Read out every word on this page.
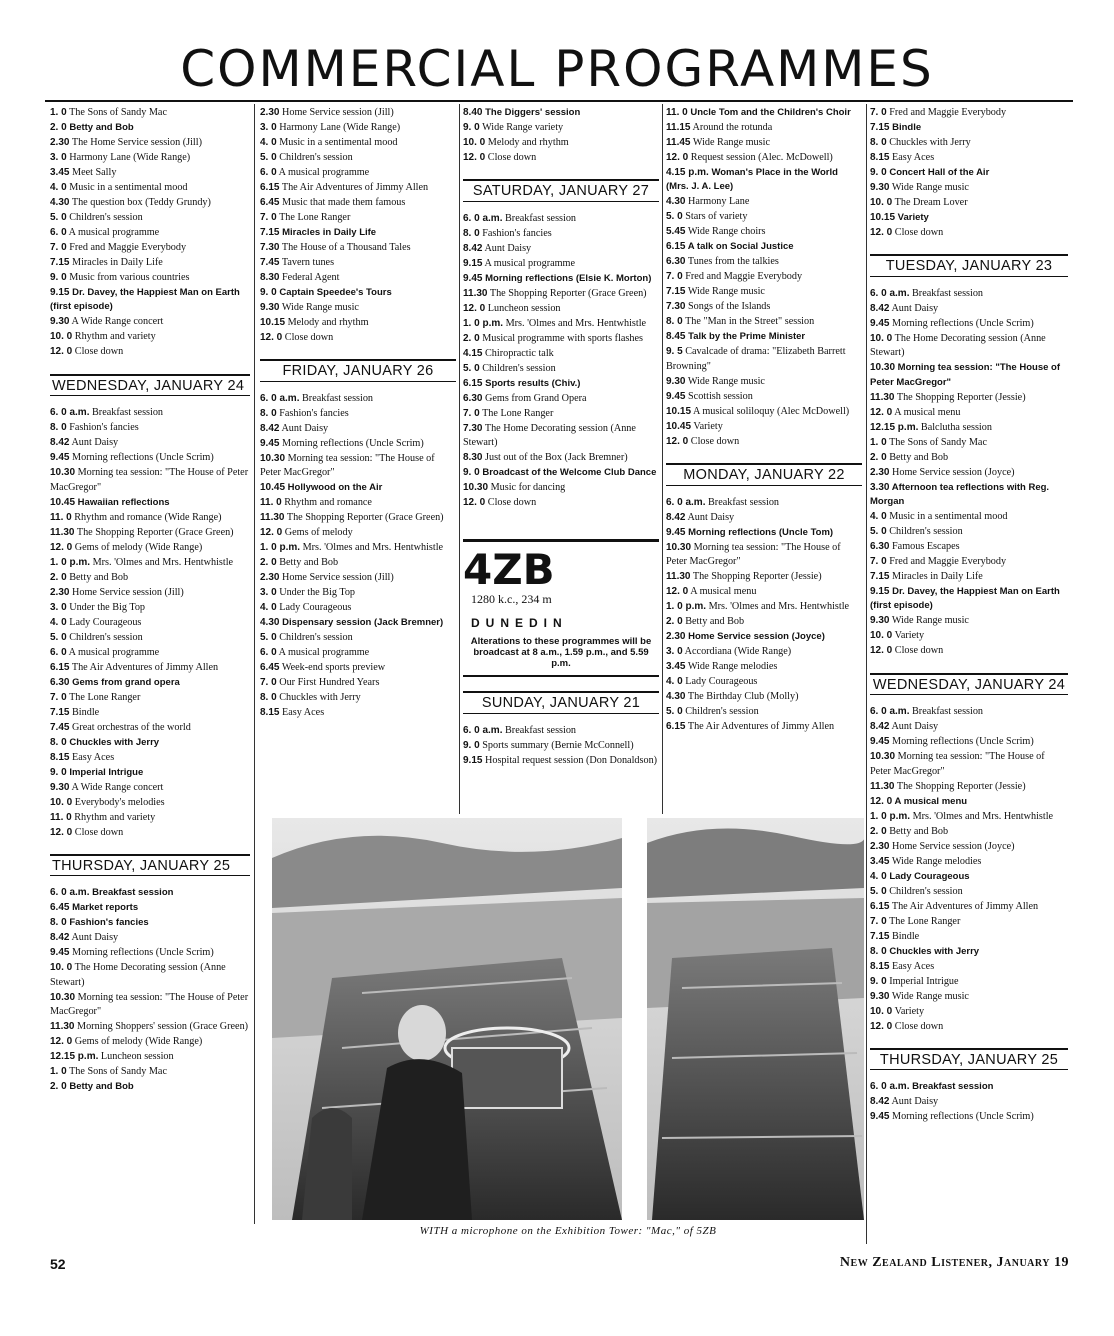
COMMERCIAL PROGRAMMES
1. 0 The Sons of Sandy Mac
2. 0 Betty and Bob
2.30 The Home Service session (Jill)
3. 0 Harmony Lane (Wide Range)
3.45 Meet Sally
4. 0 Music in a sentimental mood
4.30 The question box (Teddy Grundy)
5. 0 Children's session
6. 0 A musical programme
7. 0 Fred and Maggie Everybody
7.15 Miracles in Daily Life
9. 0 Music from various countries
9.15 Dr. Davey, the Happiest Man on Earth (first episode)
9.30 A Wide Range concert
10. 0 Rhythm and variety
12. 0 Close down
WEDNESDAY, JANUARY 24
6. 0 a.m. Breakfast session
8. 0 Fashion's fancies
8.42 Aunt Daisy
9.45 Morning reflections (Uncle Scrim)
10.30 Morning tea session: "The House of Peter MacGregor"
10.45 Hawaiian reflections
11. 0 Rhythm and romance (Wide Range)
11.30 The Shopping Reporter (Grace Green)
12. 0 Gems of melody (Wide Range)
1. 0 p.m. Mrs. 'Olmes and Mrs. Hentwhistle
2. 0 Betty and Bob
2.30 Home Service session (Jill)
3. 0 Under the Big Top
4. 0 Lady Courageous
5. 0 Children's session
6. 0 A musical programme
6.15 The Air Adventures of Jimmy Allen
6.30 Gems from grand opera
7. 0 The Lone Ranger
7.15 Bindle
7.45 Great orchestras of the world
8. 0 Chuckles with Jerry
8.15 Easy Aces
9. 0 Imperial Intrigue
9.30 A Wide Range concert
10. 0 Everybody's melodies
11. 0 Rhythm and variety
12. 0 Close down
THURSDAY, JANUARY 25
6. 0 a.m. Breakfast session
6.45 Market reports
8. 0 Fashion's fancies
8.42 Aunt Daisy
9.45 Morning reflections (Uncle Scrim)
10. 0 The Home Decorating session (Anne Stewart)
10.30 Morning tea session: "The House of Peter MacGregor"
11.30 Morning Shoppers' session (Grace Green)
12. 0 Gems of melody (Wide Range)
12.15 p.m. Luncheon session
1. 0 The Sons of Sandy Mac
2. 0 Betty and Bob
2.30 Home Service session (Jill)
3. 0 Harmony Lane (Wide Range)
4. 0 Music in a sentimental mood
5. 0 Children's session
6. 0 A musical programme
6.15 The Air Adventures of Jimmy Allen
6.45 Music that made them famous
7. 0 The Lone Ranger
7.15 Miracles in Daily Life
7.30 The House of a Thousand Tales
7.45 Tavern tunes
8.30 Federal Agent
9. 0 Captain Speedee's Tours
9.30 Wide Range music
10.15 Melody and rhythm
12. 0 Close down
FRIDAY, JANUARY 26
6. 0 a.m. Breakfast session
8. 0 Fashion's fancies
8.42 Aunt Daisy
9.45 Morning reflections (Uncle Scrim)
10.30 Morning tea session: "The House of Peter MacGregor"
10.45 Hollywood on the Air
11. 0 Rhythm and romance
11.30 The Shopping Reporter (Grace Green)
12. 0 Gems of melody
1. 0 p.m. Mrs. 'Olmes and Mrs. Hentwhistle
2. 0 Betty and Bob
2.30 Home Service session (Jill)
3. 0 Under the Big Top
4. 0 Lady Courageous
4.30 Dispensary session (Jack Bremner)
5. 0 Children's session
6. 0 A musical programme
6.45 Week-end sports preview
7. 0 Our First Hundred Years
8. 0 Chuckles with Jerry
8.15 Easy Aces
8.40 The Diggers' session
9. 0 Wide Range variety
10. 0 Melody and rhythm
12. 0 Close down
SATURDAY, JANUARY 27
6. 0 a.m. Breakfast session
8. 0 Fashion's fancies
8.42 Aunt Daisy
9.15 A musical programme
9.45 Morning reflections (Elsie K. Morton)
11.30 The Shopping Reporter (Grace Green)
12. 0 Luncheon session
1. 0 p.m. Mrs. 'Olmes and Mrs. Hentwhistle
2. 0 Musical programme with sports flashes
4.15 Chiropractic talk
5. 0 Children's session
6.15 Sports results (Chiv.)
6.30 Gems from Grand Opera
7. 0 The Lone Ranger
7.30 The Home Decorating session (Anne Stewart)
8.30 Just out of the Box (Jack Bremner)
9. 0 Broadcast of the Welcome Club Dance
10.30 Music for dancing
12. 0 Close down
4ZB1280 k.c., 234 m
DUNEDIN
Alterations to these programmes will be broadcast at 8 a.m., 1.59 p.m., and 5.59 p.m.
SUNDAY, JANUARY 21
6. 0 a.m. Breakfast session
9. 0 Sports summary (Bernie McConnell)
9.15 Hospital request session (Don Donaldson)
11. 0 Uncle Tom and the Children's Choir
11.15 Around the rotunda
11.45 Wide Range music
12. 0 Request session (Alec. McDowell)
4.15 p.m. Woman's Place in the World (Mrs. J. A. Lee)
4.30 Harmony Lane
5. 0 Stars of variety
5.45 Wide Range choirs
6.15 A talk on Social Justice
6.30 Tunes from the talkies
7. 0 Fred and Maggie Everybody
7.15 Wide Range music
7.30 Songs of the Islands
8. 0 The "Man in the Street" session
8.45 Talk by the Prime Minister
9. 5 Cavalcade of drama: "Elizabeth Barrett Browning"
9.30 Wide Range music
9.45 Scottish session
10.15 A musical soliloquy (Alec McDowell)
10.45 Variety
12. 0 Close down
MONDAY, JANUARY 22
6. 0 a.m. Breakfast session
8.42 Aunt Daisy
9.45 Morning reflections (Uncle Tom)
10.30 Morning tea session: "The House of Peter MacGregor"
11.30 The Shopping Reporter (Jessie)
12. 0 A musical menu
1. 0 p.m. Mrs. 'Olmes and Mrs. Hentwhistle
2. 0 Betty and Bob
2.30 Home Service session (Joyce)
3. 0 Accordiana (Wide Range)
3.45 Wide Range melodies
4. 0 Lady Courageous
4.30 The Birthday Club (Molly)
5. 0 Children's session
6.15 The Air Adventures of Jimmy Allen
7. 0 Fred and Maggie Everybody
7.15 Bindle
8. 0 Chuckles with Jerry
8.15 Easy Aces
9. 0 Concert Hall of the Air
9.30 Wide Range music
10. 0 The Dream Lover
10.15 Variety
12. 0 Close down
TUESDAY, JANUARY 23
6. 0 a.m. Breakfast session
8.42 Aunt Daisy
9.45 Morning reflections (Uncle Scrim)
10. 0 The Home Decorating session (Anne Stewart)
10.30 Morning tea session: "The House of Peter MacGregor"
11.30 The Shopping Reporter (Jessie)
12. 0 A musical menu
12.15 p.m. Balclutha session
1. 0 The Sons of Sandy Mac
2. 0 Betty and Bob
2.30 Home Service session (Joyce)
3.30 Afternoon tea reflections with Reg. Morgan
4. 0 Music in a sentimental mood
5. 0 Children's session
6.30 Famous Escapes
7. 0 Fred and Maggie Everybody
7.15 Miracles in Daily Life
9.15 Dr. Davey, the Happiest Man on Earth (first episode)
9.30 Wide Range music
10. 0 Variety
12. 0 Close down
WEDNESDAY, JANUARY 24
6. 0 a.m. Breakfast session
8.42 Aunt Daisy
9.45 Morning reflections (Uncle Scrim)
10.30 Morning tea session: "The House of Peter MacGregor"
11.30 The Shopping Reporter (Jessie)
12. 0 A musical menu
1. 0 p.m. Mrs. 'Olmes and Mrs. Hentwhistle
2. 0 Betty and Bob
2.30 Home Service session (Joyce)
3.45 Wide Range melodies
4. 0 Lady Courageous
5. 0 Children's session
6.15 The Air Adventures of Jimmy Allen
7. 0 The Lone Ranger
7.15 Bindle
8. 0 Chuckles with Jerry
8.15 Easy Aces
9. 0 Imperial Intrigue
9.30 Wide Range music
10. 0 Variety
12. 0 Close down
THURSDAY, JANUARY 25
6. 0 a.m. Breakfast session
8.42 Aunt Daisy
9.45 Morning reflections (Uncle Scrim)
WITH a microphone on the Exhibition Tower: "Mac," of 5ZB
52	New Zealand Listener, January 19
